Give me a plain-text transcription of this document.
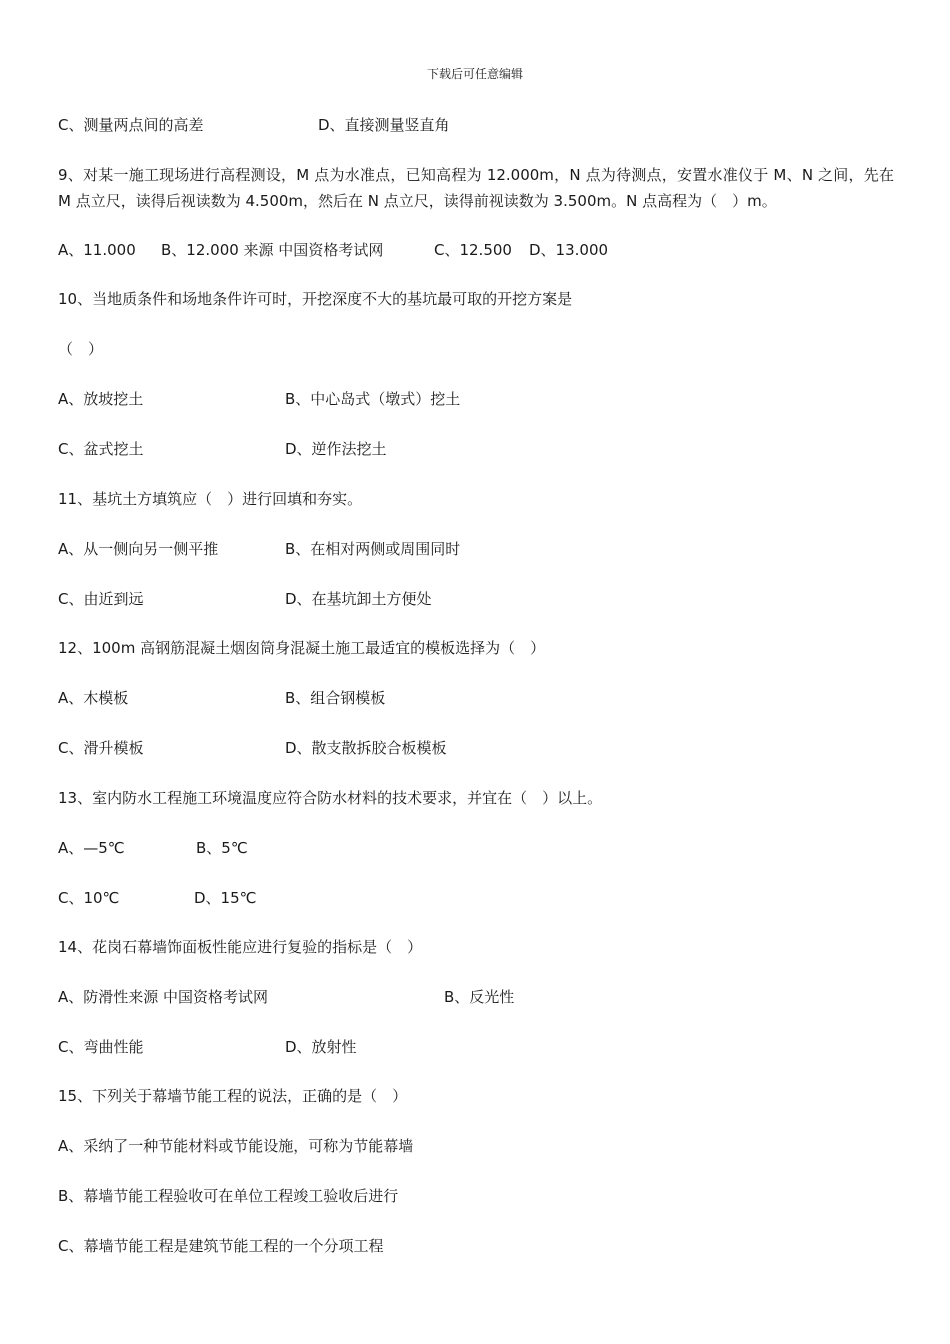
下载后可任意编辑
C、测量两点间的高差	D、直接测量竖直角
9、对某一施工现场进行高程测设，M 点为水准点，已知高程为 12.000m，N 点为待测点，安置水准仪于 M、N 之间，先在 M 点立尺，读得后视读数为 4.500m，然后在 N 点立尺，读得前视读数为 3.500m。N 点高程为（　）m。
A、11.000 B、12.000 来源 中国资格考试网	C、12.500 D、13.000
10、当地质条件和场地条件许可时，开挖深度不大的基坑最可取的开挖方案是
（　）
A、放坡挖土	B、中心岛式（墩式）挖土
C、盆式挖土	D、逆作法挖土
11、基坑土方填筑应（　）进行回填和夯实。
A、从一侧向另一侧平推	B、在相对两侧或周围同时
C、由近到远	D、在基坑卸土方便处
12、100m 高钢筋混凝土烟囱筒身混凝土施工最适宜的模板选择为（　）
A、木模板	B、组合钢模板
C、滑升模板	D、散支散拆胶合板模板
13、室内防水工程施工环境温度应符合防水材料的技术要求，并宜在（　）以上。
A、—5℃	B、5℃
C、10℃	D、15℃
14、花岗石幕墙饰面板性能应进行复验的指标是（　）
A、防滑性来源 中国资格考试网	B、反光性
C、弯曲性能	D、放射性
15、下列关于幕墙节能工程的说法，正确的是（　）
A、采纳了一种节能材料或节能设施，可称为节能幕墙
B、幕墙节能工程验收可在单位工程竣工验收后进行
C、幕墙节能工程是建筑节能工程的一个分项工程
